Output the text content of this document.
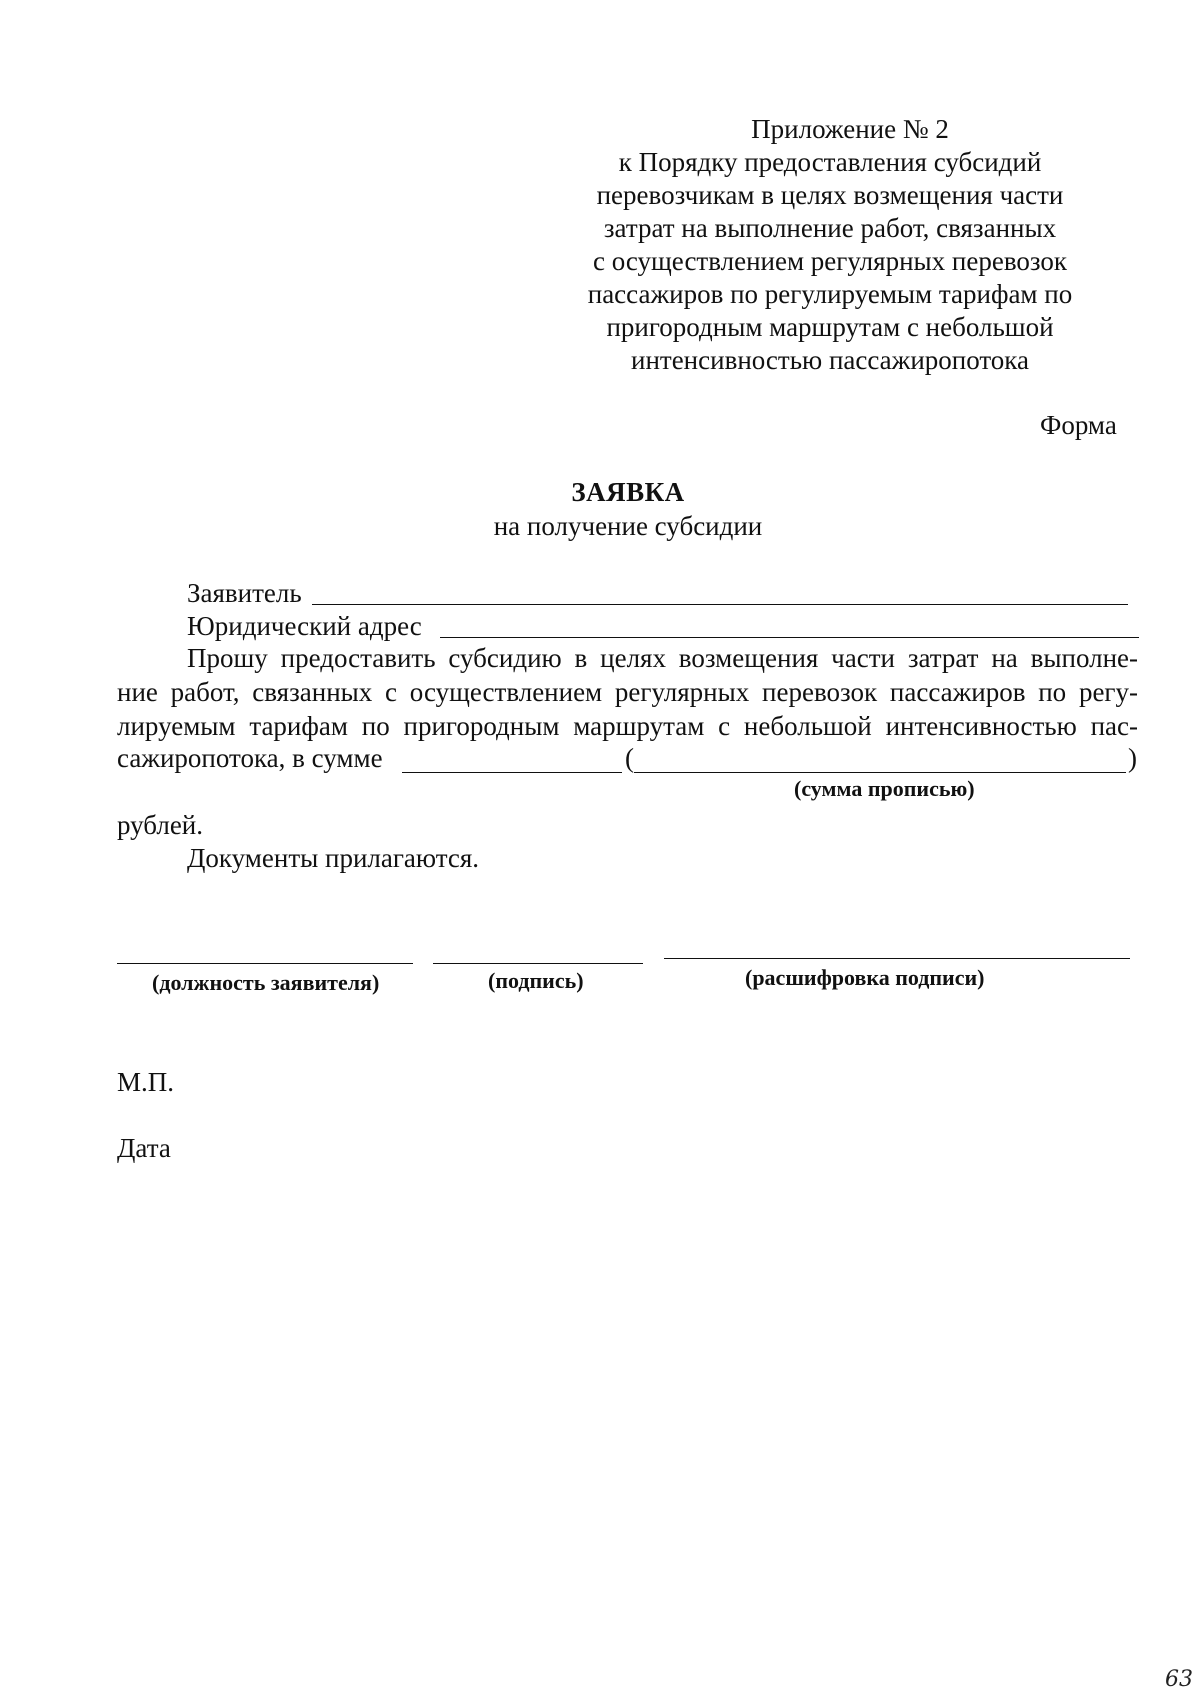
Приложение № 2
к Порядку предоставления субсидий
перевозчикам в целях возмещения части
затрат на выполнение работ, связанных
с осуществлением регулярных перевозок
пассажиров по регулируемым тарифам по
пригородным маршрутам с небольшой
интенсивностью пассажиропотока
Форма
ЗАЯВКА
на получение субсидии
Заявитель
Юридический адрес
Прошу предоставить субсидию в целях возмещения части затрат на выполне-
ние работ, связанных с осуществлением регулярных перевозок пассажиров по регу-
лируемым тарифам по пригородным маршрутам с небольшой интенсивностью пас-
сажиропотока, в сумме	(	)
(сумма прописью)
рублей.
Документы прилагаются.
(должность заявителя)	(подпись)	(расшифровка подписи)
М.П.
Дата
63
